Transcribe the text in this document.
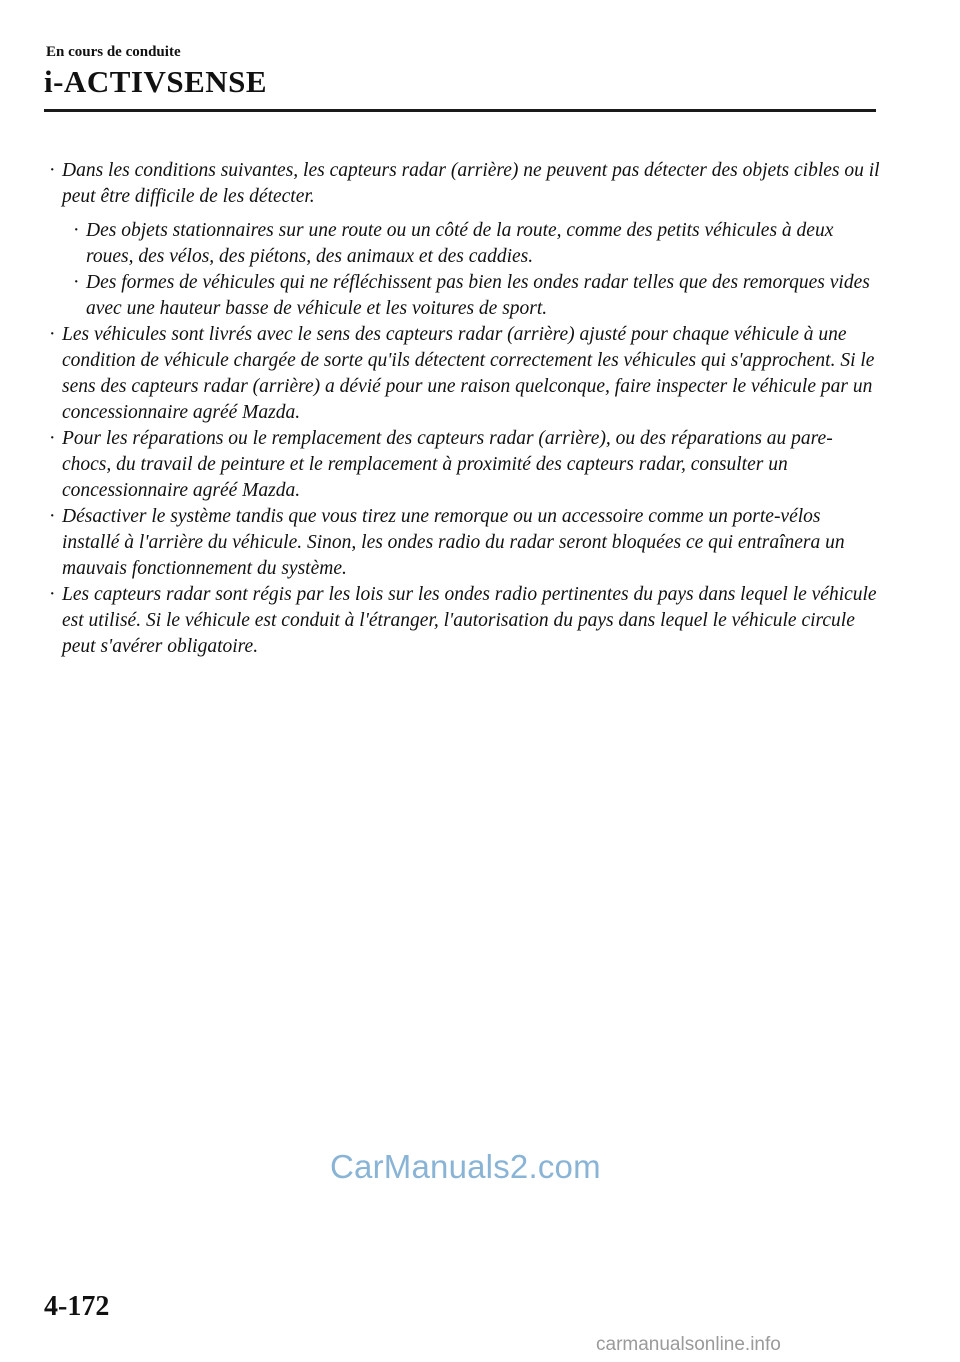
En cours de conduite
i-ACTIVSENSE
· Dans les conditions suivantes, les capteurs radar (arrière) ne peuvent pas détecter des objets cibles ou il peut être difficile de les détecter.
· Des objets stationnaires sur une route ou un côté de la route, comme des petits véhicules à deux roues, des vélos, des piétons, des animaux et des caddies.
· Des formes de véhicules qui ne réfléchissent pas bien les ondes radar telles que des remorques vides avec une hauteur basse de véhicule et les voitures de sport.
· Les véhicules sont livrés avec le sens des capteurs radar (arrière) ajusté pour chaque véhicule à une condition de véhicule chargée de sorte qu'ils détectent correctement les véhicules qui s'approchent. Si le sens des capteurs radar (arrière) a dévié pour une raison quelconque, faire inspecter le véhicule par un concessionnaire agréé Mazda.
· Pour les réparations ou le remplacement des capteurs radar (arrière), ou des réparations au pare-chocs, du travail de peinture et le remplacement à proximité des capteurs radar, consulter un concessionnaire agréé Mazda.
· Désactiver le système tandis que vous tirez une remorque ou un accessoire comme un porte-vélos installé à l'arrière du véhicule. Sinon, les ondes radio du radar seront bloquées ce qui entraînera un mauvais fonctionnement du système.
· Les capteurs radar sont régis par les lois sur les ondes radio pertinentes du pays dans lequel le véhicule est utilisé. Si le véhicule est conduit à l'étranger, l'autorisation du pays dans lequel le véhicule circule peut s'avérer obligatoire.
CarManuals2.com
4-172
carmanualsonline.info
